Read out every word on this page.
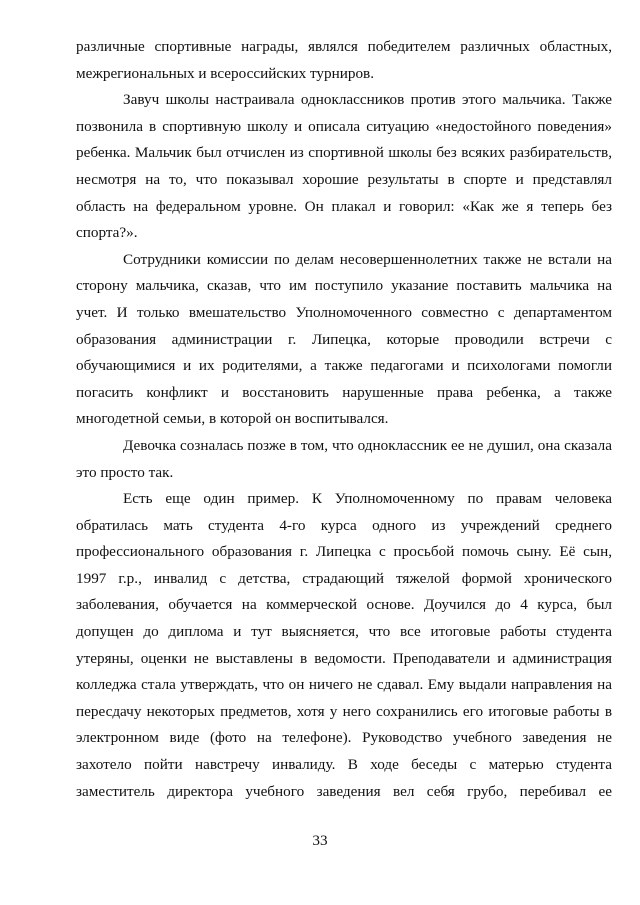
различные спортивные награды, являлся победителем различных областных,
межрегиональных и всероссийских турниров.

Завуч школы настраивала одноклассников против этого мальчика. Также
позвонила в спортивную школу и описала ситуацию «недостойного поведения»
ребенка. Мальчик был отчислен из спортивной школы без всяких разбирательств,
несмотря на то, что показывал хорошие результаты в спорте и представлял
область на федеральном уровне. Он плакал и говорил: «Как же я теперь без
спорта?».

Сотрудники комиссии по делам несовершеннолетних также не встали на
сторону мальчика, сказав, что им поступило указание поставить мальчика на
учет. И только вмешательство Уполномоченного совместно с департаментом
образования администрации г. Липецка, которые проводили встречи с
обучающимися и их родителями, а также педагогами и психологами помогли
погасить конфликт и восстановить нарушенные права ребенка, а также
многодетной семьи, в которой он воспитывался.

Девочка созналась позже в том, что одноклассник ее не душил, она сказала
это просто так.

Есть еще один пример. К Уполномоченному по правам человека
обратилась мать студента 4-го курса одного из учреждений среднего
профессионального образования г. Липецка с просьбой помочь сыну. Её сын,
1997 г.р., инвалид с детства, страдающий тяжелой формой хронического
заболевания, обучается на коммерческой основе. Доучился до 4 курса, был
допущен до диплома и тут выясняется, что все итоговые работы студента
утеряны, оценки не выставлены в ведомости. Преподаватели и администрация
колледжа стала утверждать, что он ничего не сдавал. Ему выдали направления на
пересдачу некоторых предметов, хотя у него сохранились его итоговые работы в
электронном виде (фото на телефоне). Руководство учебного заведения не
захотело пойти навстречу инвалиду. В ходе беседы с матерью студента
заместитель директора учебного заведения вел себя грубо, перебивал ее

33
